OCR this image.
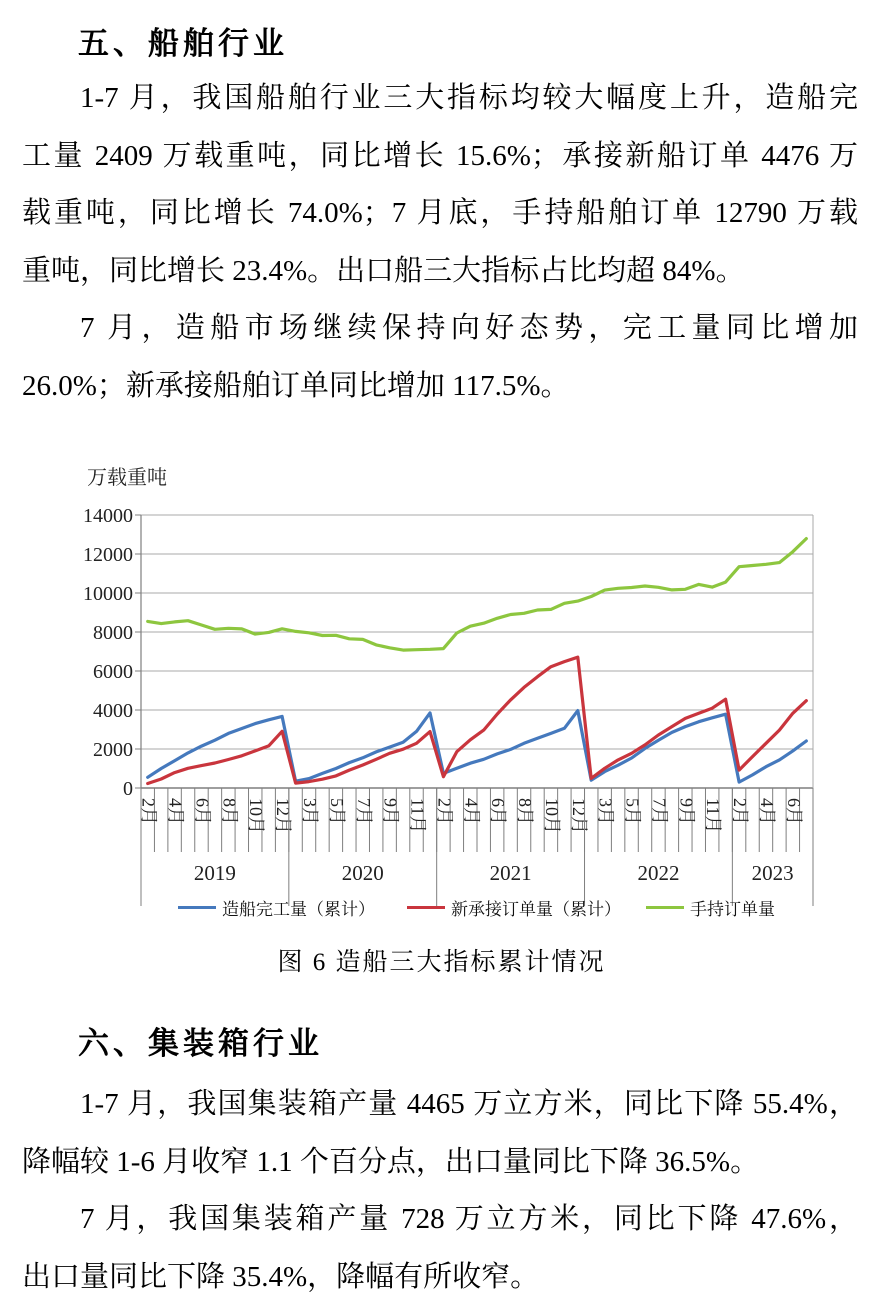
五、船舶行业
1-7 月，我国船舶行业三大指标均较大幅度上升，造船完
工量 2409 万载重吨，同比增长 15.6%；承接新船订单 4476 万
载重吨，同比增长 74.0%；7 月底，手持船舶订单 12790 万载
重吨，同比增长 23.4%。出口船三大指标占比均超 84%。
7 月，造船市场继续保持向好态势，完工量同比增加
26.0%；新承接船舶订单同比增加 117.5%。
万载重吨
0
2000
4000
6000
8000
10000
12000
14000
2月 4月 6月 8月 10月 12月 3月 5月 7月 9月 11月 2月 4月 6月 8月 10月 12月 3月 5月 7月 9月 11月 2月 4月 6月
2019	2020	2021	2022	2023
造船完工量（累计）	新承接订单量（累计）	手持订单量
图 6 造船三大指标累计情况
六、集装箱行业
1-7 月，我国集装箱产量 4465 万立方米，同比下降 55.4%，
降幅较 1-6 月收窄 1.1 个百分点，出口量同比下降 36.5%。
7 月，我国集装箱产量 728 万立方米，同比下降 47.6%，
出口量同比下降 35.4%，降幅有所收窄。
